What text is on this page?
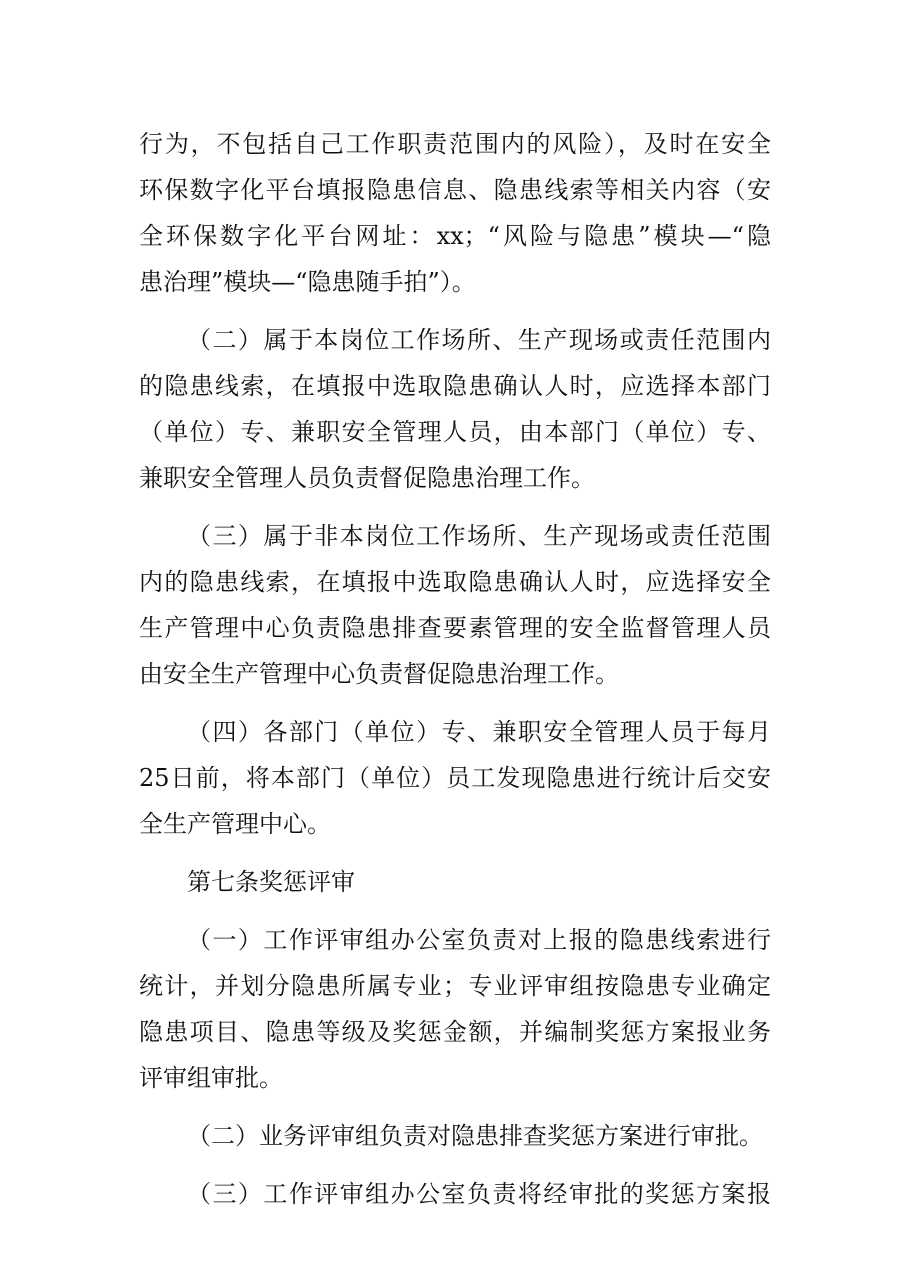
行为，不包括自己工作职责范围内的风险），及时在安全
环保数字化平台填报隐患信息、隐患线索等相关内容（安
全环保数字化平台网址：xx；“风险与隐患”模块—“隐
患治理”模块—“隐患随手拍”）。
（二）属于本岗位工作场所、生产现场或责任范围内
的隐患线索，在填报中选取隐患确认人时，应选择本部门
（单位）专、兼职安全管理人员，由本部门（单位）专、
兼职安全管理人员负责督促隐患治理工作。
（三）属于非本岗位工作场所、生产现场或责任范围
内的隐患线索，在填报中选取隐患确认人时，应选择安全
生产管理中心负责隐患排查要素管理的安全监督管理人员
由安全生产管理中心负责督促隐患治理工作。
（四）各部门（单位）专、兼职安全管理人员于每月
25日前，将本部门（单位）员工发现隐患进行统计后交安
全生产管理中心。
第七条奖惩评审
（一）工作评审组办公室负责对上报的隐患线索进行
统计，并划分隐患所属专业；专业评审组按隐患专业确定
隐患项目、隐患等级及奖惩金额，并编制奖惩方案报业务
评审组审批。
（二）业务评审组负责对隐患排查奖惩方案进行审批。
（三）工作评审组办公室负责将经审批的奖惩方案报
